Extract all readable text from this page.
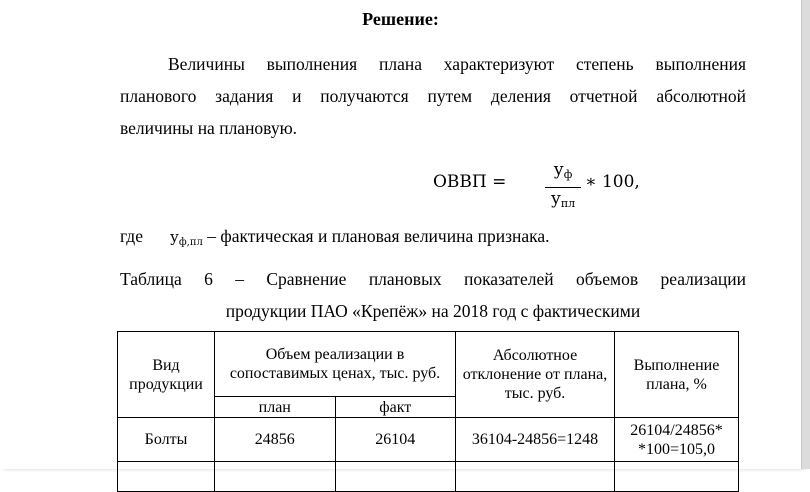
Решение:
Величины выполнения плана характеризуют степень выполнения
планового задания и получаются путем деления отчетной абсолютной
величины на плановую.
ОВВП =
$у_ф$
$у_{пл}$
∗ 100,
где $у_{ф,пл}$ – фактическая и плановая величина признака.
Таблица 6 – Сравнение плановых показателей объемов реализации
продукции ПАО «Крепёж» на 2018 год с фактическими
Вид продукции	Объем реализации в сопоставимых ценах, тыс. руб.		Абсолютное отклонение от плана, тыс. руб.	Выполнение плана, %
	план	факт		
Болты	24856	26104	36104-24856=1248	26104/24856*
*100=105,0
